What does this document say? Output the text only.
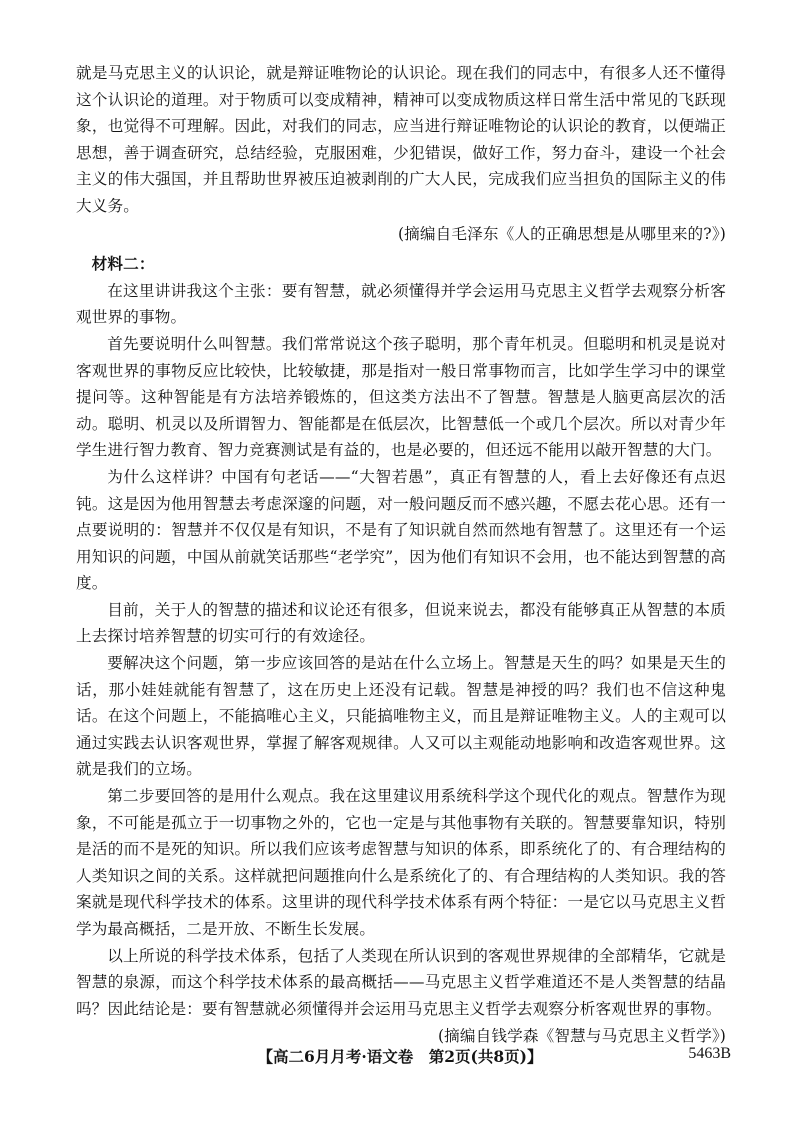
就是马克思主义的认识论，就是辩证唯物论的认识论。现在我们的同志中，有很多人还不懂得这个认识论的道理。对于物质可以变成精神，精神可以变成物质这样日常生活中常见的飞跃现象，也觉得不可理解。因此，对我们的同志，应当进行辩证唯物论的认识论的教育，以便端正思想，善于调查研究，总结经验，克服困难，少犯错误，做好工作，努力奋斗，建设一个社会主义的伟大强国，并且帮助世界被压迫被剥削的广大人民，完成我们应当担负的国际主义的伟大义务。

(摘编自毛泽东《人的正确思想是从哪里来的?》)

材料二：

在这里讲讲我这个主张：要有智慧，就必须懂得并学会运用马克思主义哲学去观察分析客观世界的事物。

首先要说明什么叫智慧。我们常常说这个孩子聪明，那个青年机灵。但聪明和机灵是说对客观世界的事物反应比较快，比较敏捷，那是指对一般日常事物而言，比如学生学习中的课堂提问等。这种智能是有方法培养锻炼的，但这类方法出不了智慧。智慧是人脑更高层次的活动。聪明、机灵以及所谓智力、智能都是在低层次，比智慧低一个或几个层次。所以对青少年学生进行智力教育、智力竞赛测试是有益的，也是必要的，但还远不能用以敲开智慧的大门。

为什么这样讲？中国有句老话——“大智若愚”，真正有智慧的人，看上去好像还有点迟钝。这是因为他用智慧去考虑深邃的问题，对一般问题反而不感兴趣，不愿去花心思。还有一点要说明的：智慧并不仅仅是有知识，不是有了知识就自然而然地有智慧了。这里还有一个运用知识的问题，中国从前就笑话那些“老学究”，因为他们有知识不会用，也不能达到智慧的高度。

目前，关于人的智慧的描述和议论还有很多，但说来说去，都没有能够真正从智慧的本质上去探讨培养智慧的切实可行的有效途径。

要解决这个问题，第一步应该回答的是站在什么立场上。智慧是天生的吗？如果是天生的话，那小娃娃就能有智慧了，这在历史上还没有记载。智慧是神授的吗？我们也不信这种鬼话。在这个问题上，不能搞唯心主义，只能搞唯物主义，而且是辩证唯物主义。人的主观可以通过实践去认识客观世界，掌握了解客观规律。人又可以主观能动地影响和改造客观世界。这就是我们的立场。

第二步要回答的是用什么观点。我在这里建议用系统科学这个现代化的观点。智慧作为现象，不可能是孤立于一切事物之外的，它也一定是与其他事物有关联的。智慧要靠知识，特别是活的而不是死的知识。所以我们应该考虑智慧与知识的体系，即系统化了的、有合理结构的人类知识之间的关系。这样就把问题推向什么是系统化了的、有合理结构的人类知识。我的答案就是现代科学技术的体系。这里讲的现代科学技术体系有两个特征：一是它以马克思主义哲学为最高概括，二是开放、不断生长发展。

以上所说的科学技术体系，包括了人类现在所认识到的客观世界规律的全部精华，它就是智慧的泉源，而这个科学技术体系的最高概括——马克思主义哲学难道还不是人类智慧的结晶吗？因此结论是：要有智慧就必须懂得并会运用马克思主义哲学去观察分析客观世界的事物。

(摘编自钱学森《智慧与马克思主义哲学》)

【高二6月月考·语文卷　第2页(共8页)】	5463B
